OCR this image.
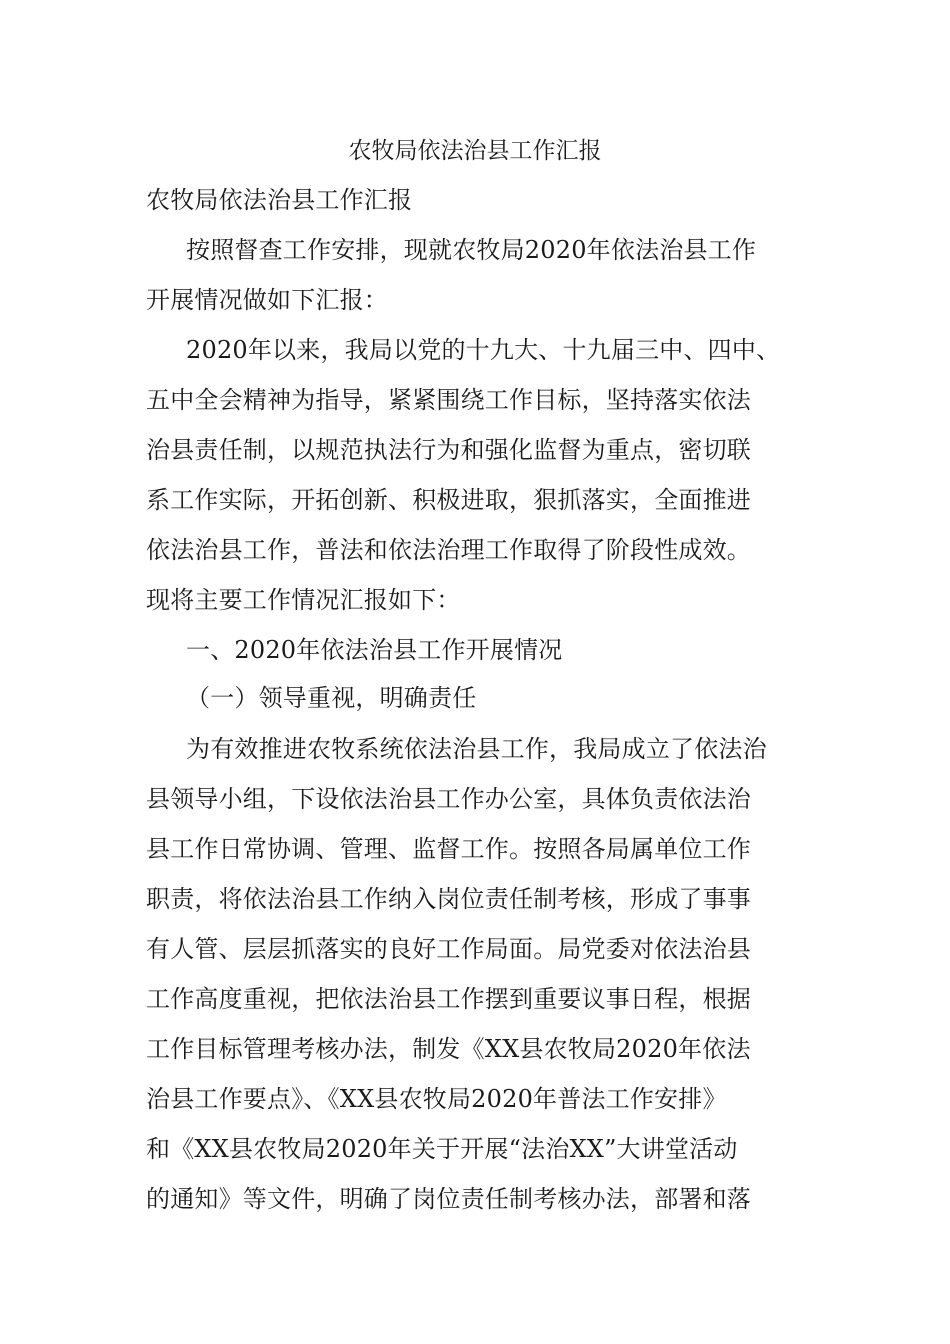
农牧局依法治县工作汇报
农牧局依法治县工作汇报
按照督查工作安排，现就农牧局2020年依法治县工作
开展情况做如下汇报：
2020年以来，我局以党的十九大、十九届三中、四中、
五中全会精神为指导，紧紧围绕工作目标，坚持落实依法
治县责任制，以规范执法行为和强化监督为重点，密切联
系工作实际，开拓创新、积极进取，狠抓落实，全面推进
依法治县工作，普法和依法治理工作取得了阶段性成效。
现将主要工作情况汇报如下：
一、2020年依法治县工作开展情况
（一）领导重视，明确责任
为有效推进农牧系统依法治县工作，我局成立了依法治
县领导小组，下设依法治县工作办公室，具体负责依法治
县工作日常协调、管理、监督工作。按照各局属单位工作
职责，将依法治县工作纳入岗位责任制考核，形成了事事
有人管、层层抓落实的良好工作局面。局党委对依法治县
工作高度重视，把依法治县工作摆到重要议事日程，根据
工作目标管理考核办法，制发《XX县农牧局2020年依法
治县工作要点》、《XX县农牧局2020年普法工作安排》
和《XX县农牧局2020年关于开展“法治XX”大讲堂活动
的通知》等文件，明确了岗位责任制考核办法，部署和落
